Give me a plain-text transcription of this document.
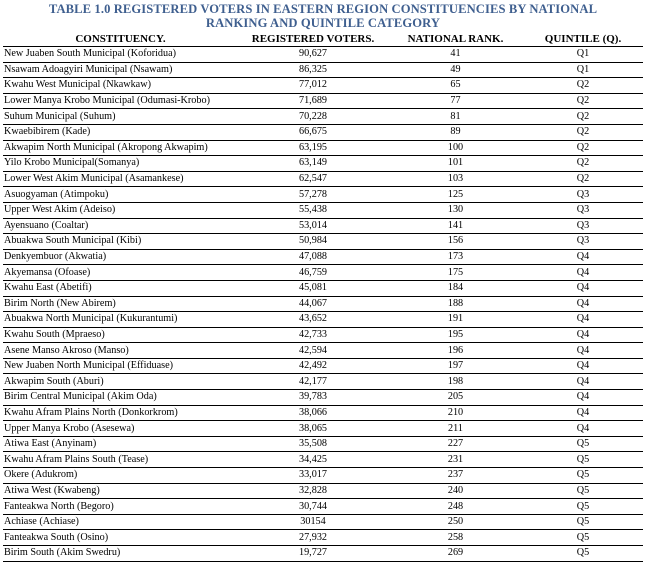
TABLE 1.0 REGISTERED VOTERS IN EASTERN REGION CONSTITUENCIES BY NATIONAL
RANKING AND QUINTILE CATEGORY
CONSTITUENCY.	REGISTERED VOTERS.	NATIONAL RANK.	QUINTILE (Q).
New Juaben South Municipal (Koforidua)	90,627	41	Q1
Nsawam Adoagyiri Municipal (Nsawam)	86,325	49	Q1
Kwahu West Municipal (Nkawkaw)	77,012	65	Q2
Lower Manya Krobo Municipal (Odumasi-Krobo)	71,689	77	Q2
Suhum Municipal (Suhum)	70,228	81	Q2
Kwaebibirem (Kade)	66,675	89	Q2
Akwapim North Municipal (Akropong Akwapim)	63,195	100	Q2
Yilo Krobo Municipal(Somanya)	63,149	101	Q2
Lower West Akim Municipal (Asamankese)	62,547	103	Q2
Asuogyaman (Atimpoku)	57,278	125	Q3
Upper West Akim (Adeiso)	55,438	130	Q3
Ayensuano (Coaltar)	53,014	141	Q3
Abuakwa South Municipal (Kibi)	50,984	156	Q3
Denkyembuor (Akwatia)	47,088	173	Q4
Akyemansa (Ofoase)	46,759	175	Q4
Kwahu East (Abetifi)	45,081	184	Q4
Birim North (New Abirem)	44,067	188	Q4
Abuakwa North Municipal (Kukurantumi)	43,652	191	Q4
Kwahu South (Mpraeso)	42,733	195	Q4
Asene Manso Akroso (Manso)	42,594	196	Q4
New Juaben North Municipal (Effiduase)	42,492	197	Q4
Akwapim South (Aburi)	42,177	198	Q4
Birim Central Municipal (Akim Oda)	39,783	205	Q4
Kwahu Afram Plains North (Donkorkrom)	38,066	210	Q4
Upper Manya Krobo (Asesewa)	38,065	211	Q4
Atiwa East (Anyinam)	35,508	227	Q5
Kwahu Afram Plains South (Tease)	34,425	231	Q5
Okere (Adukrom)	33,017	237	Q5
Atiwa West (Kwabeng)	32,828	240	Q5
Fanteakwa North (Begoro)	30,744	248	Q5
Achiase (Achiase)	30154	250	Q5
Fanteakwa South (Osino)	27,932	258	Q5
Birim South (Akim Swedru)	19,727	269	Q5
